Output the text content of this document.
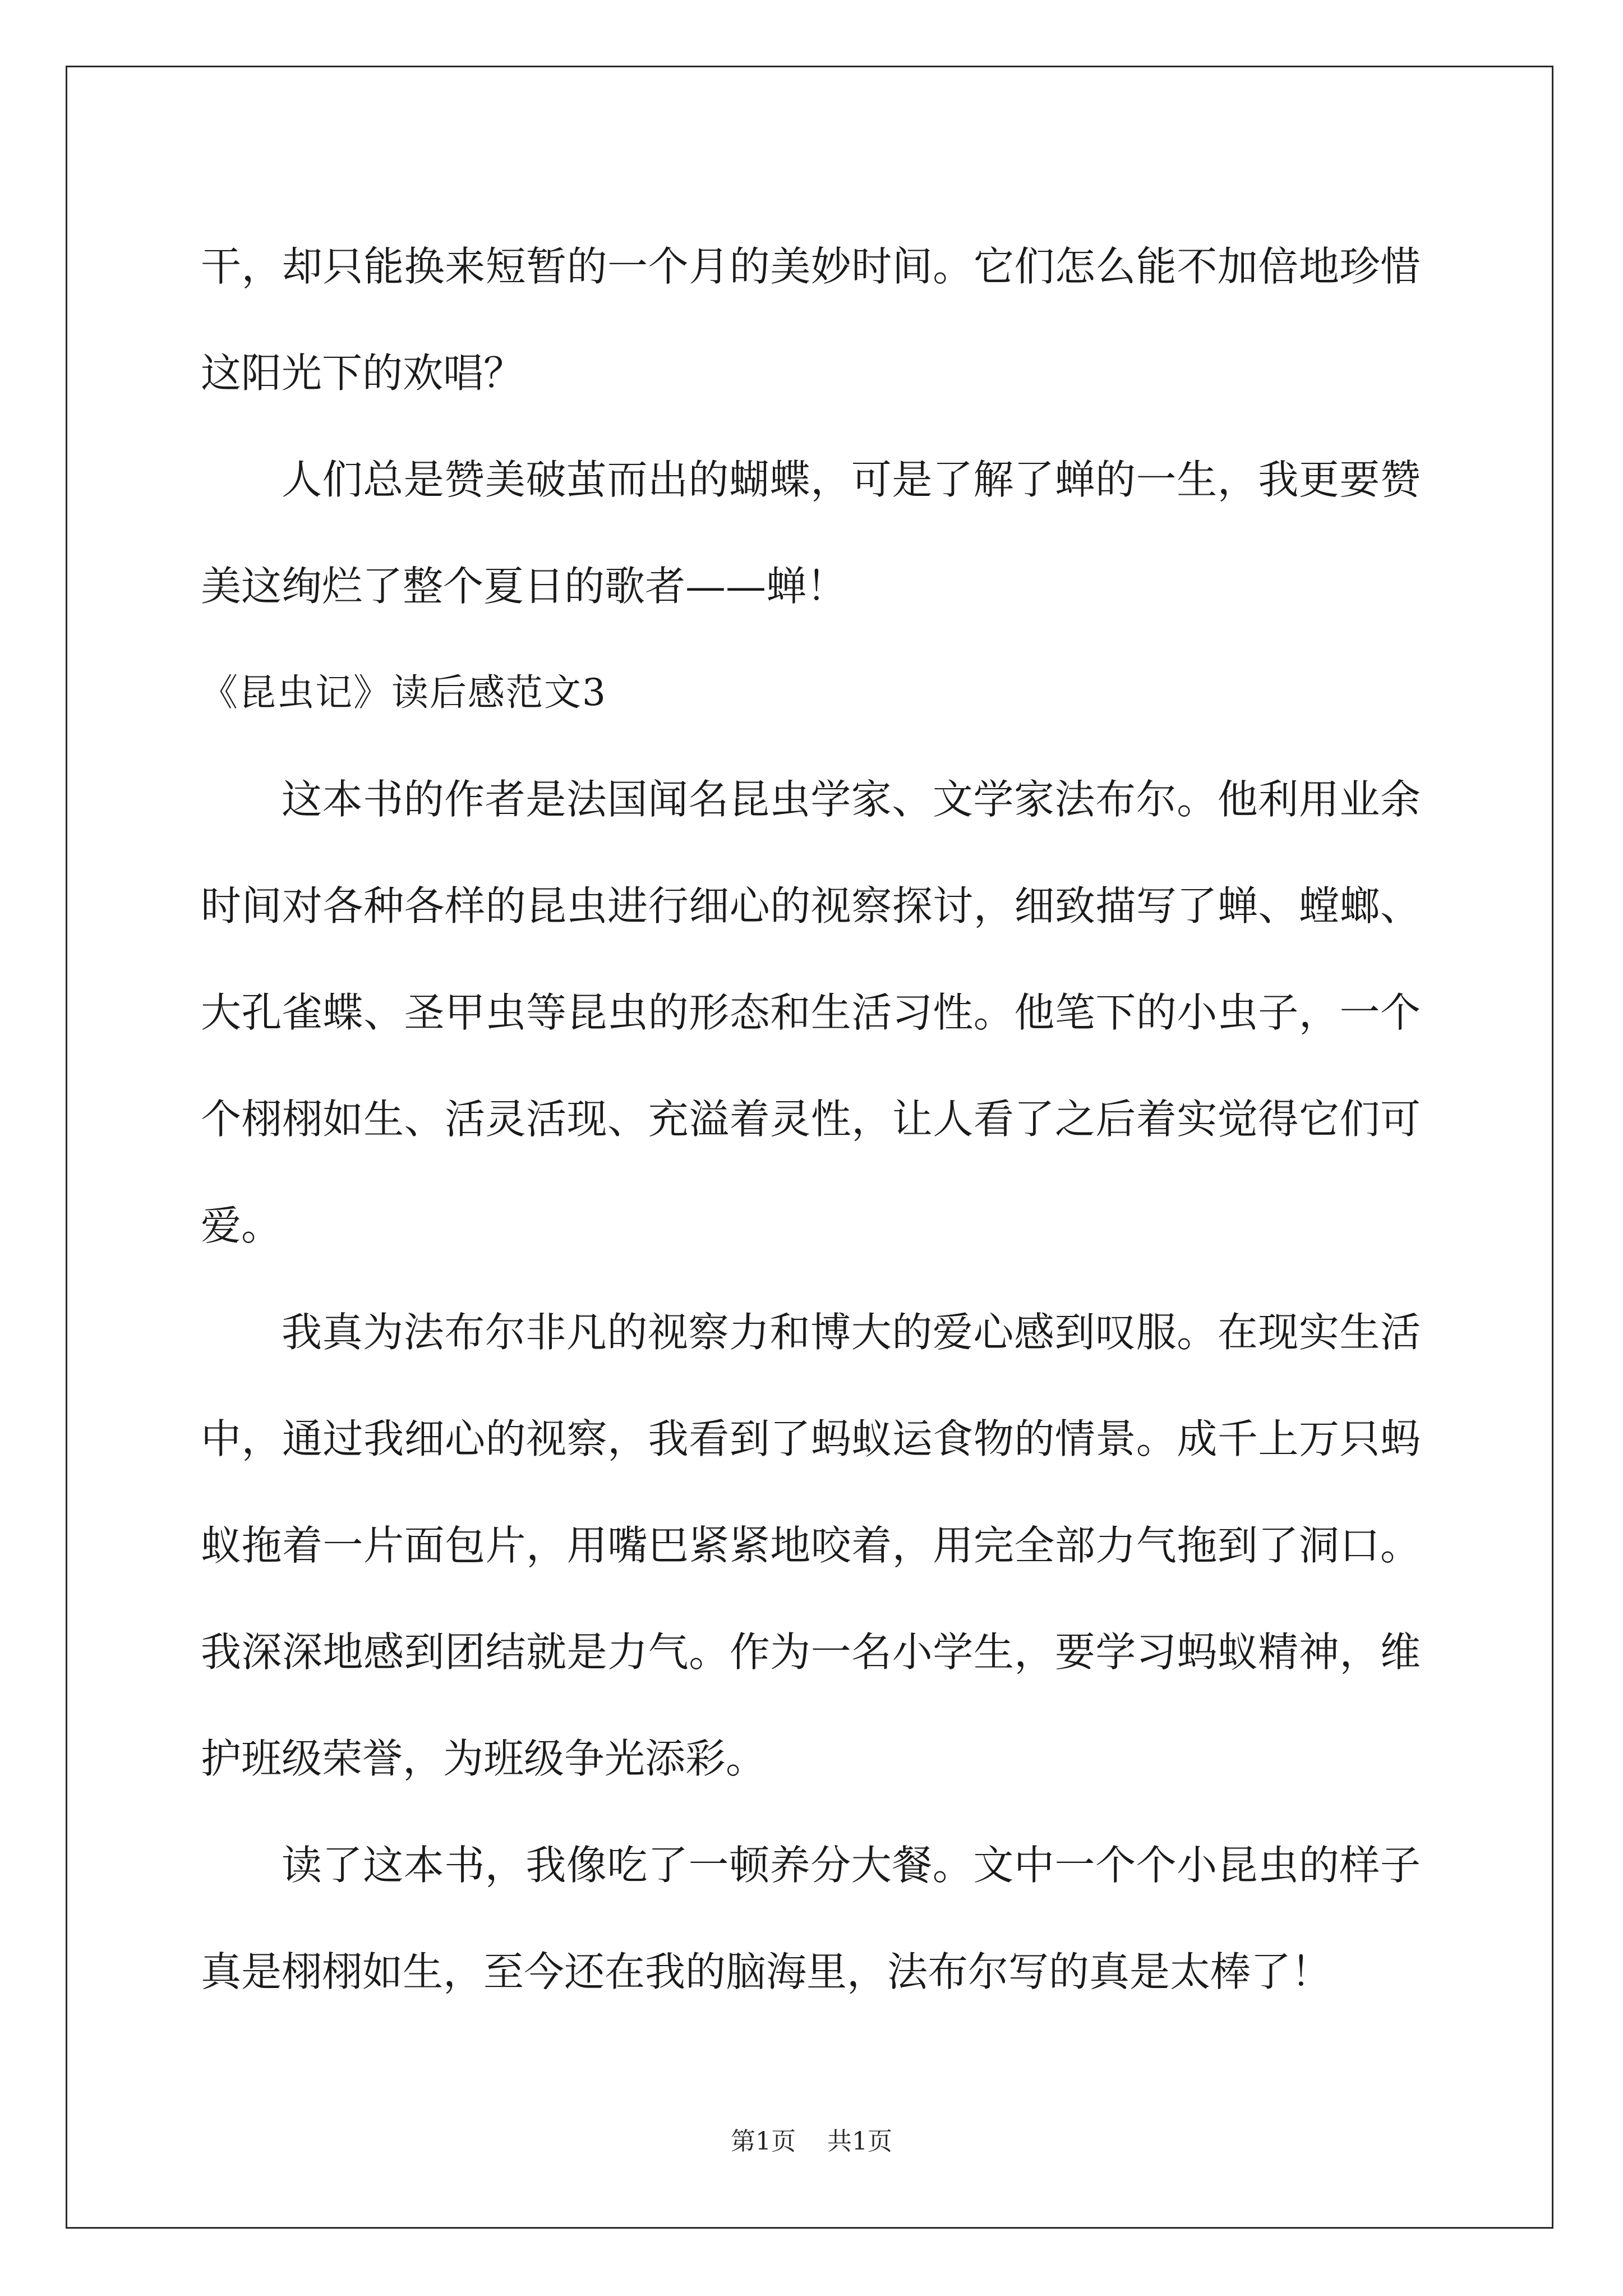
干，却只能换来短暂的一个月的美妙时间。它们怎么能不加倍地珍惜这阳光下的欢唱？

人们总是赞美破茧而出的蝴蝶，可是了解了蝉的一生，我更要赞美这绚烂了整个夏日的歌者——蝉！

《昆虫记》读后感范文3

这本书的作者是法国闻名昆虫学家、文学家法布尔。他利用业余时间对各种各样的昆虫进行细心的视察探讨，细致描写了蝉、螳螂、大孔雀蝶、圣甲虫等昆虫的形态和生活习性。他笔下的小虫子，一个个栩栩如生、活灵活现、充溢着灵性，让人看了之后着实觉得它们可爱。

我真为法布尔非凡的视察力和博大的爱心感到叹服。在现实生活中，通过我细心的视察，我看到了蚂蚁运食物的情景。成千上万只蚂蚁拖着一片面包片，用嘴巴紧紧地咬着，用完全部力气拖到了洞口。我深深地感到团结就是力气。作为一名小学生，要学习蚂蚁精神，维护班级荣誉，为班级争光添彩。

读了这本书，我像吃了一顿养分大餐。文中一个个小昆虫的样子真是栩栩如生，至今还在我的脑海里，法布尔写的真是太棒了！

第1页 共1页
